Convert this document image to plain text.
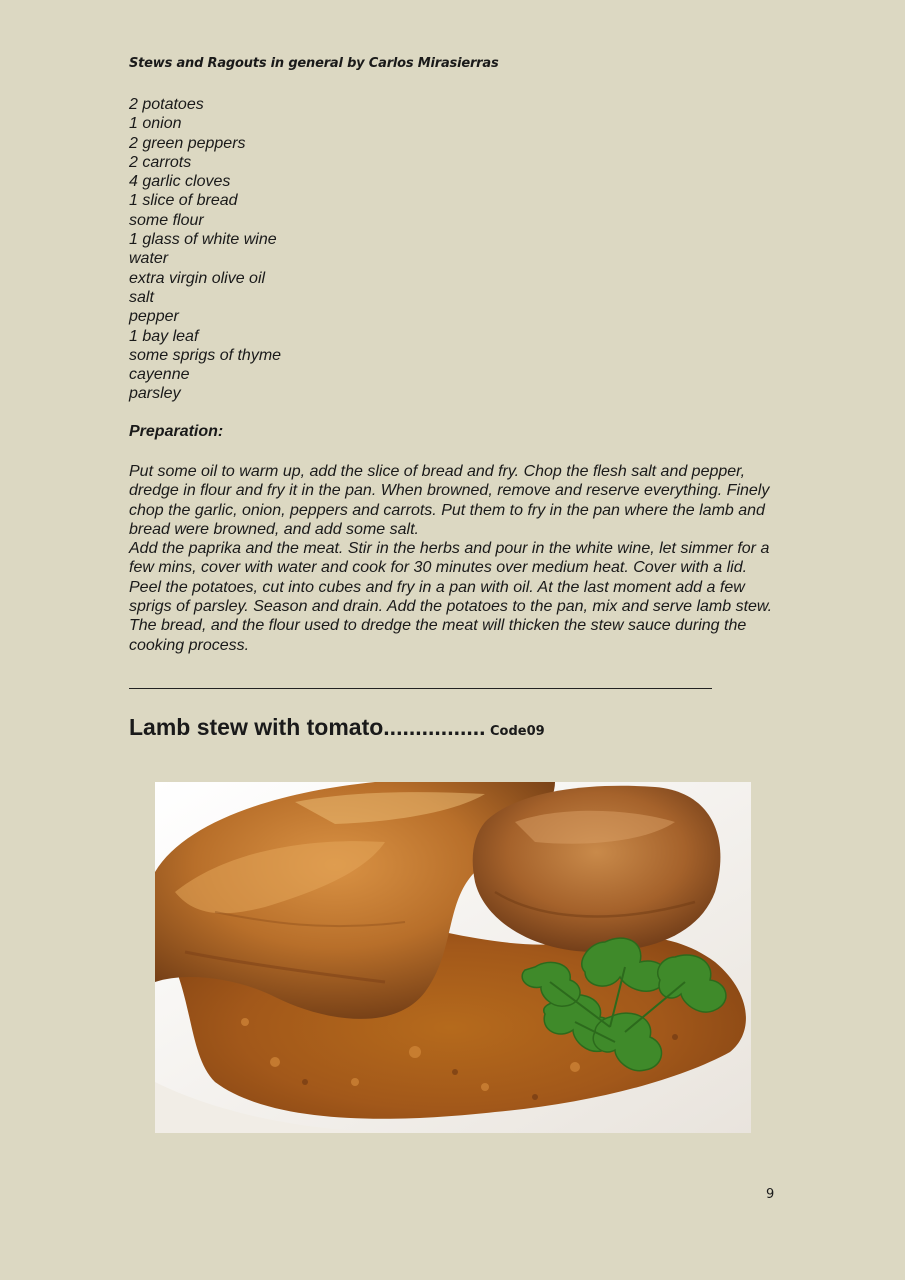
Stews and Ragouts in general by Carlos Mirasierras
2 potatoes
1 onion
2 green peppers
2 carrots
4 garlic cloves
1 slice of bread
some flour
1 glass of white wine
water
extra virgin olive oil
salt
pepper
1 bay leaf
some sprigs of thyme
cayenne
parsley
Preparation:

Put some oil to warm up, add the slice of bread and fry. Chop the flesh salt and pepper, dredge in flour and fry it in the pan. When browned, remove and reserve everything. Finely chop the garlic, onion, peppers and carrots. Put them to fry in the pan where the lamb and bread were browned, and add some salt.

Add the paprika and the meat. Stir in the herbs and pour in the white wine, let simmer for a few mins, cover with water and cook for 30 minutes over medium heat. Cover with a lid.

Peel the potatoes, cut into cubes and fry in a pan with oil. At the last moment add a few sprigs of parsley. Season and drain. Add the potatoes to the pan, mix and serve lamb stew. The bread, and the flour used to dredge the meat will thicken the stew sauce during the cooking process.

Lamb stew with tomato................ Code09
9
